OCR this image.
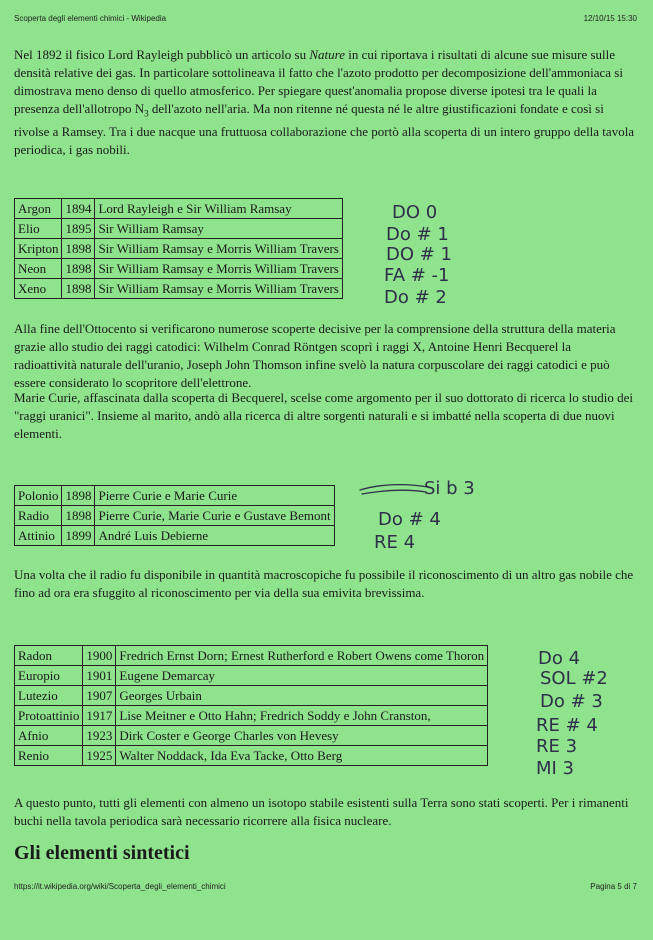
Scoperta degli elementi chimici - Wikipedia	12/10/15 15:30

Nel 1892 il fisico Lord Rayleigh pubblicò un articolo su Nature in cui riportava i risultati di alcune sue misure sulle densità relative dei gas. In particolare sottolineava il fatto che l'azoto prodotto per decomposizione dell'ammoniaca si dimostrava meno denso di quello atmosferico. Per spiegare quest'anomalia propose diverse ipotesi tra le quali la presenza dell'allotropo $N_3$ dell'azoto nell'aria. Ma non ritenne né questa né le altre giustificazioni fondate e così si rivolse a Ramsey. Tra i due nacque una fruttuosa collaborazione che portò alla scoperta di un intero gruppo della tavola periodica, i gas nobili.

Argon	1894	Lord Rayleigh e Sir William Ramsay
Elio	1895	Sir William Ramsay
Kripton	1898	Sir William Ramsay e Morris William Travers
Neon	1898	Sir William Ramsay e Morris William Travers
Xeno	1898	Sir William Ramsay e Morris William Travers

Alla fine dell'Ottocento si verificarono numerose scoperte decisive per la comprensione della struttura della materia grazie allo studio dei raggi catodici: Wilhelm Conrad Röntgen scoprì i raggi X, Antoine Henri Becquerel la radioattività naturale dell'uranio, Joseph John Thomson infine svelò la natura corpuscolare dei raggi catodici e può essere considerato lo scopritore dell'elettrone.

Marie Curie, affascinata dalla scoperta di Becquerel, scelse come argomento per il suo dottorato di ricerca lo studio dei "raggi uranici". Insieme al marito, andò alla ricerca di altre sorgenti naturali e si imbatté nella scoperta di due nuovi elementi.

Polonio	1898	Pierre Curie e Marie Curie
Radio	1898	Pierre Curie, Marie Curie e Gustave Bemont
Attinio	1899	André Luis Debierne

Una volta che il radio fu disponibile in quantità macroscopiche fu possibile il riconoscimento di un altro gas nobile che fino ad ora era sfuggito al riconoscimento per via della sua emivita brevissima.

Radon	1900	Fredrich Ernst Dorn; Ernest Rutherford e Robert Owens come Thoron
Europio	1901	Eugene Demarcay
Lutezio	1907	Georges Urbain
Protoattinio	1917	Lise Meitner e Otto Hahn; Fredrich Soddy e John Cranston,
Afnio	1923	Dirk Coster e George Charles von Hevesy
Renio	1925	Walter Noddack, Ida Eva Tacke, Otto Berg

A questo punto, tutti gli elementi con almeno un isotopo stabile esistenti sulla Terra sono stati scoperti. Per i rimanenti buchi nella tavola periodica sarà necessario ricorrere alla fisica nucleare.

Gli elementi sintetici
DO 0
Do # 1
DO # 1
FA # -1
Do # 2
Si b 3
Do # 4
RE 4
Do 4
SOL #2
Do # 3
RE # 4
RE 3
MI 3
https://it.wikipedia.org/wiki/Scoperta_degli_elementi_chimici	Pagina 5 di 7
